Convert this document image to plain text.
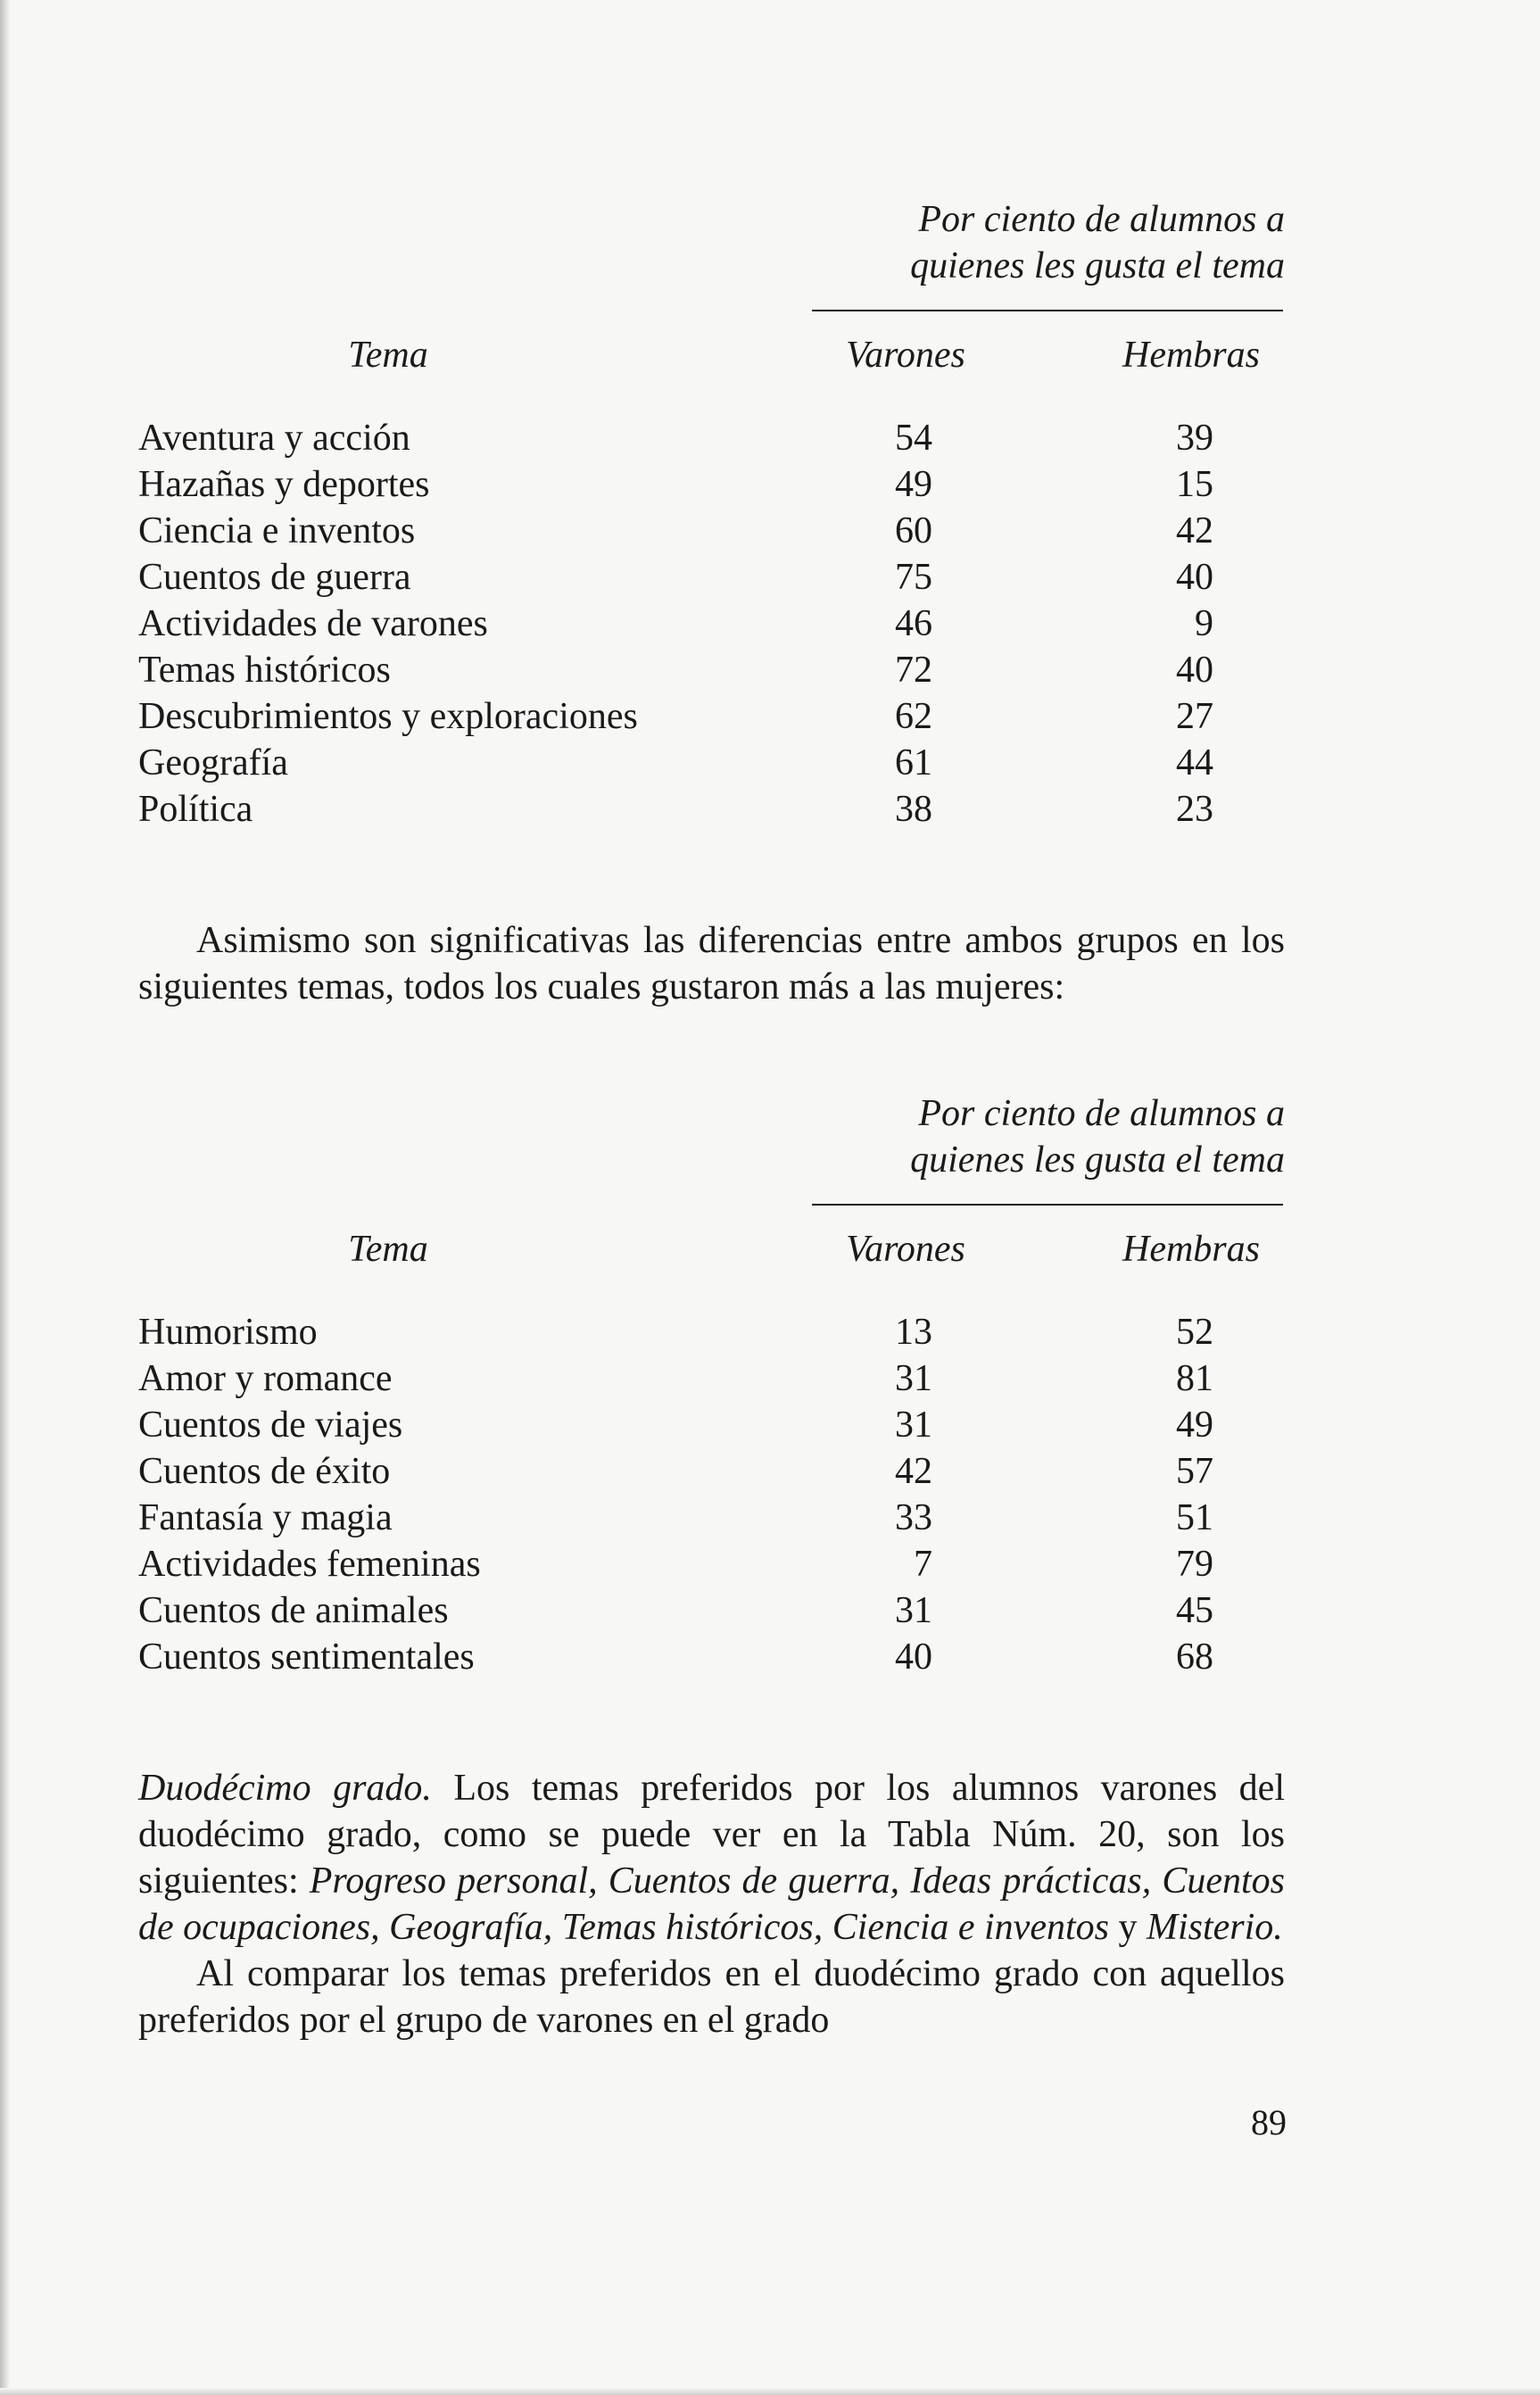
Por ciento de alumnos a
quienes les gusta el tema
Tema	Varones	Hembras
Aventura y acción	54	39
Hazañas y deportes	49	15
Ciencia e inventos	60	42
Cuentos de guerra	75	40
Actividades de varones	46	9
Temas históricos	72	40
Descubrimientos y exploraciones	62	27
Geografía	61	44
Política	38	23

Asimismo son significativas las diferencias entre ambos grupos en los siguientes temas, todos los cuales gustaron más a las mujeres:

Por ciento de alumnos a
quienes les gusta el tema
Tema	Varones	Hembras
Humorismo	13	52
Amor y romance	31	81
Cuentos de viajes	31	49
Cuentos de éxito	42	57
Fantasía y magia	33	51
Actividades femeninas	7	79
Cuentos de animales	31	45
Cuentos sentimentales	40	68

Duodécimo grado. Los temas preferidos por los alumnos varones del duodécimo grado, como se puede ver en la Tabla Núm. 20, son los siguientes: Progreso personal, Cuentos de guerra, Ideas prácticas, Cuentos de ocupaciones, Geografía, Temas históricos, Ciencia e inventos y Misterio.

Al comparar los temas preferidos en el duodécimo grado con aquellos preferidos por el grupo de varones en el grado

89
